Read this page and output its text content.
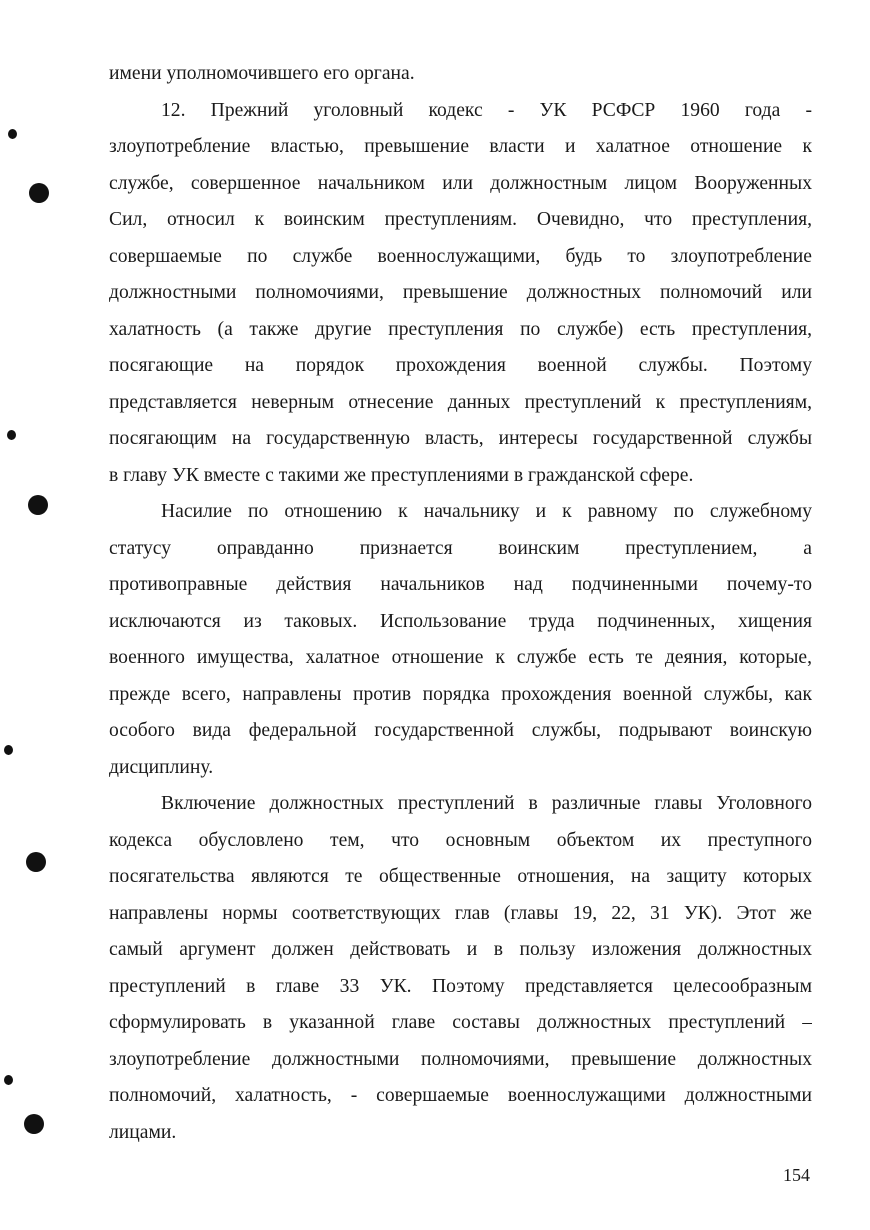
имени уполномочившего его органа.
12. Прежний уголовный кодекс - УК РСФСР 1960 года -
злоупотребление властью, превышение власти и халатное отношение к
службе, совершенное начальником или должностным лицом Вооруженных
Сил, относил к воинским преступлениям. Очевидно, что преступления,
совершаемые по службе военнослужащими, будь то злоупотребление
должностными полномочиями, превышение должностных полномочий или
халатность (а также другие преступления по службе) есть преступления,
посягающие на порядок прохождения военной службы. Поэтому
представляется неверным отнесение данных преступлений к преступлениям,
посягающим на государственную власть, интересы государственной службы
в главу УК вместе с такими же преступлениями в гражданской сфере.
Насилие по отношению к начальнику и к равному по служебному
статусу оправданно признается воинским преступлением, а
противоправные действия начальников над подчиненными почему-то
исключаются из таковых. Использование труда подчиненных, хищения
военного имущества, халатное отношение к службе есть те деяния, которые,
прежде всего, направлены против порядка прохождения военной службы, как
особого вида федеральной государственной службы, подрывают воинскую
дисциплину.
Включение должностных преступлений в различные главы Уголовного
кодекса обусловлено тем, что основным объектом их преступного
посягательства являются те общественные отношения, на защиту которых
направлены нормы соответствующих глав (главы 19, 22, 31 УК). Этот же
самый аргумент должен действовать и в пользу изложения должностных
преступлений в главе 33 УК. Поэтому представляется целесообразным
сформулировать в указанной главе составы должностных преступлений –
злоупотребление должностными полномочиями, превышение должностных
полномочий, халатность, - совершаемые военнослужащими должностными
лицами.
154
